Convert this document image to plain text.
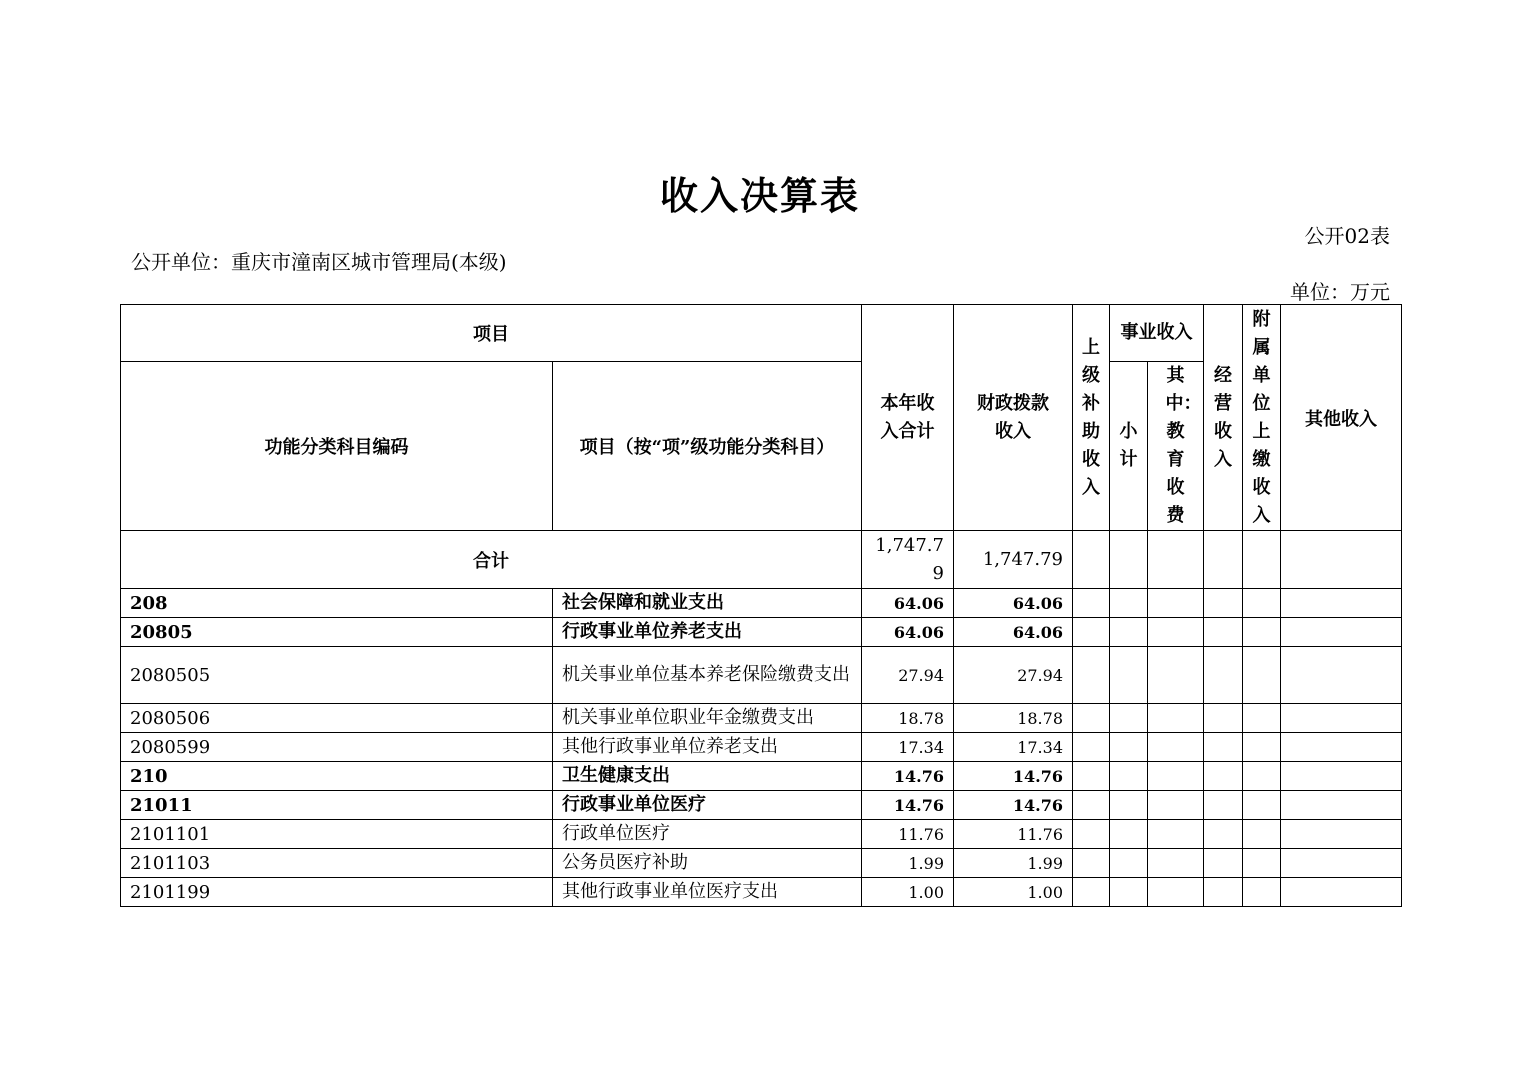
收入决算表
公开02表
公开单位：重庆市潼南区城市管理局(本级)
单位：万元
项目		本年收入合计	财政拨款收入	上级补助收入	事业收入		经营收入	附属单位上缴收入	其他收入
功能分类科目编码	项目（按“项”级功能分类科目）				小计	其中：教育收费			

合计		1,747.79	1,747.79						
208	社会保障和就业支出	64.06	64.06						
20805	行政事业单位养老支出	64.06	64.06						
2080505	机关事业单位基本养老保险缴费支出	27.94	27.94						
2080506	机关事业单位职业年金缴费支出	18.78	18.78						
2080599	其他行政事业单位养老支出	17.34	17.34						
210	卫生健康支出	14.76	14.76						
21011	行政事业单位医疗	14.76	14.76						
2101101	行政单位医疗	11.76	11.76						
2101103	公务员医疗补助	1.99	1.99						
2101199	其他行政事业单位医疗支出	1.00	1.00						
